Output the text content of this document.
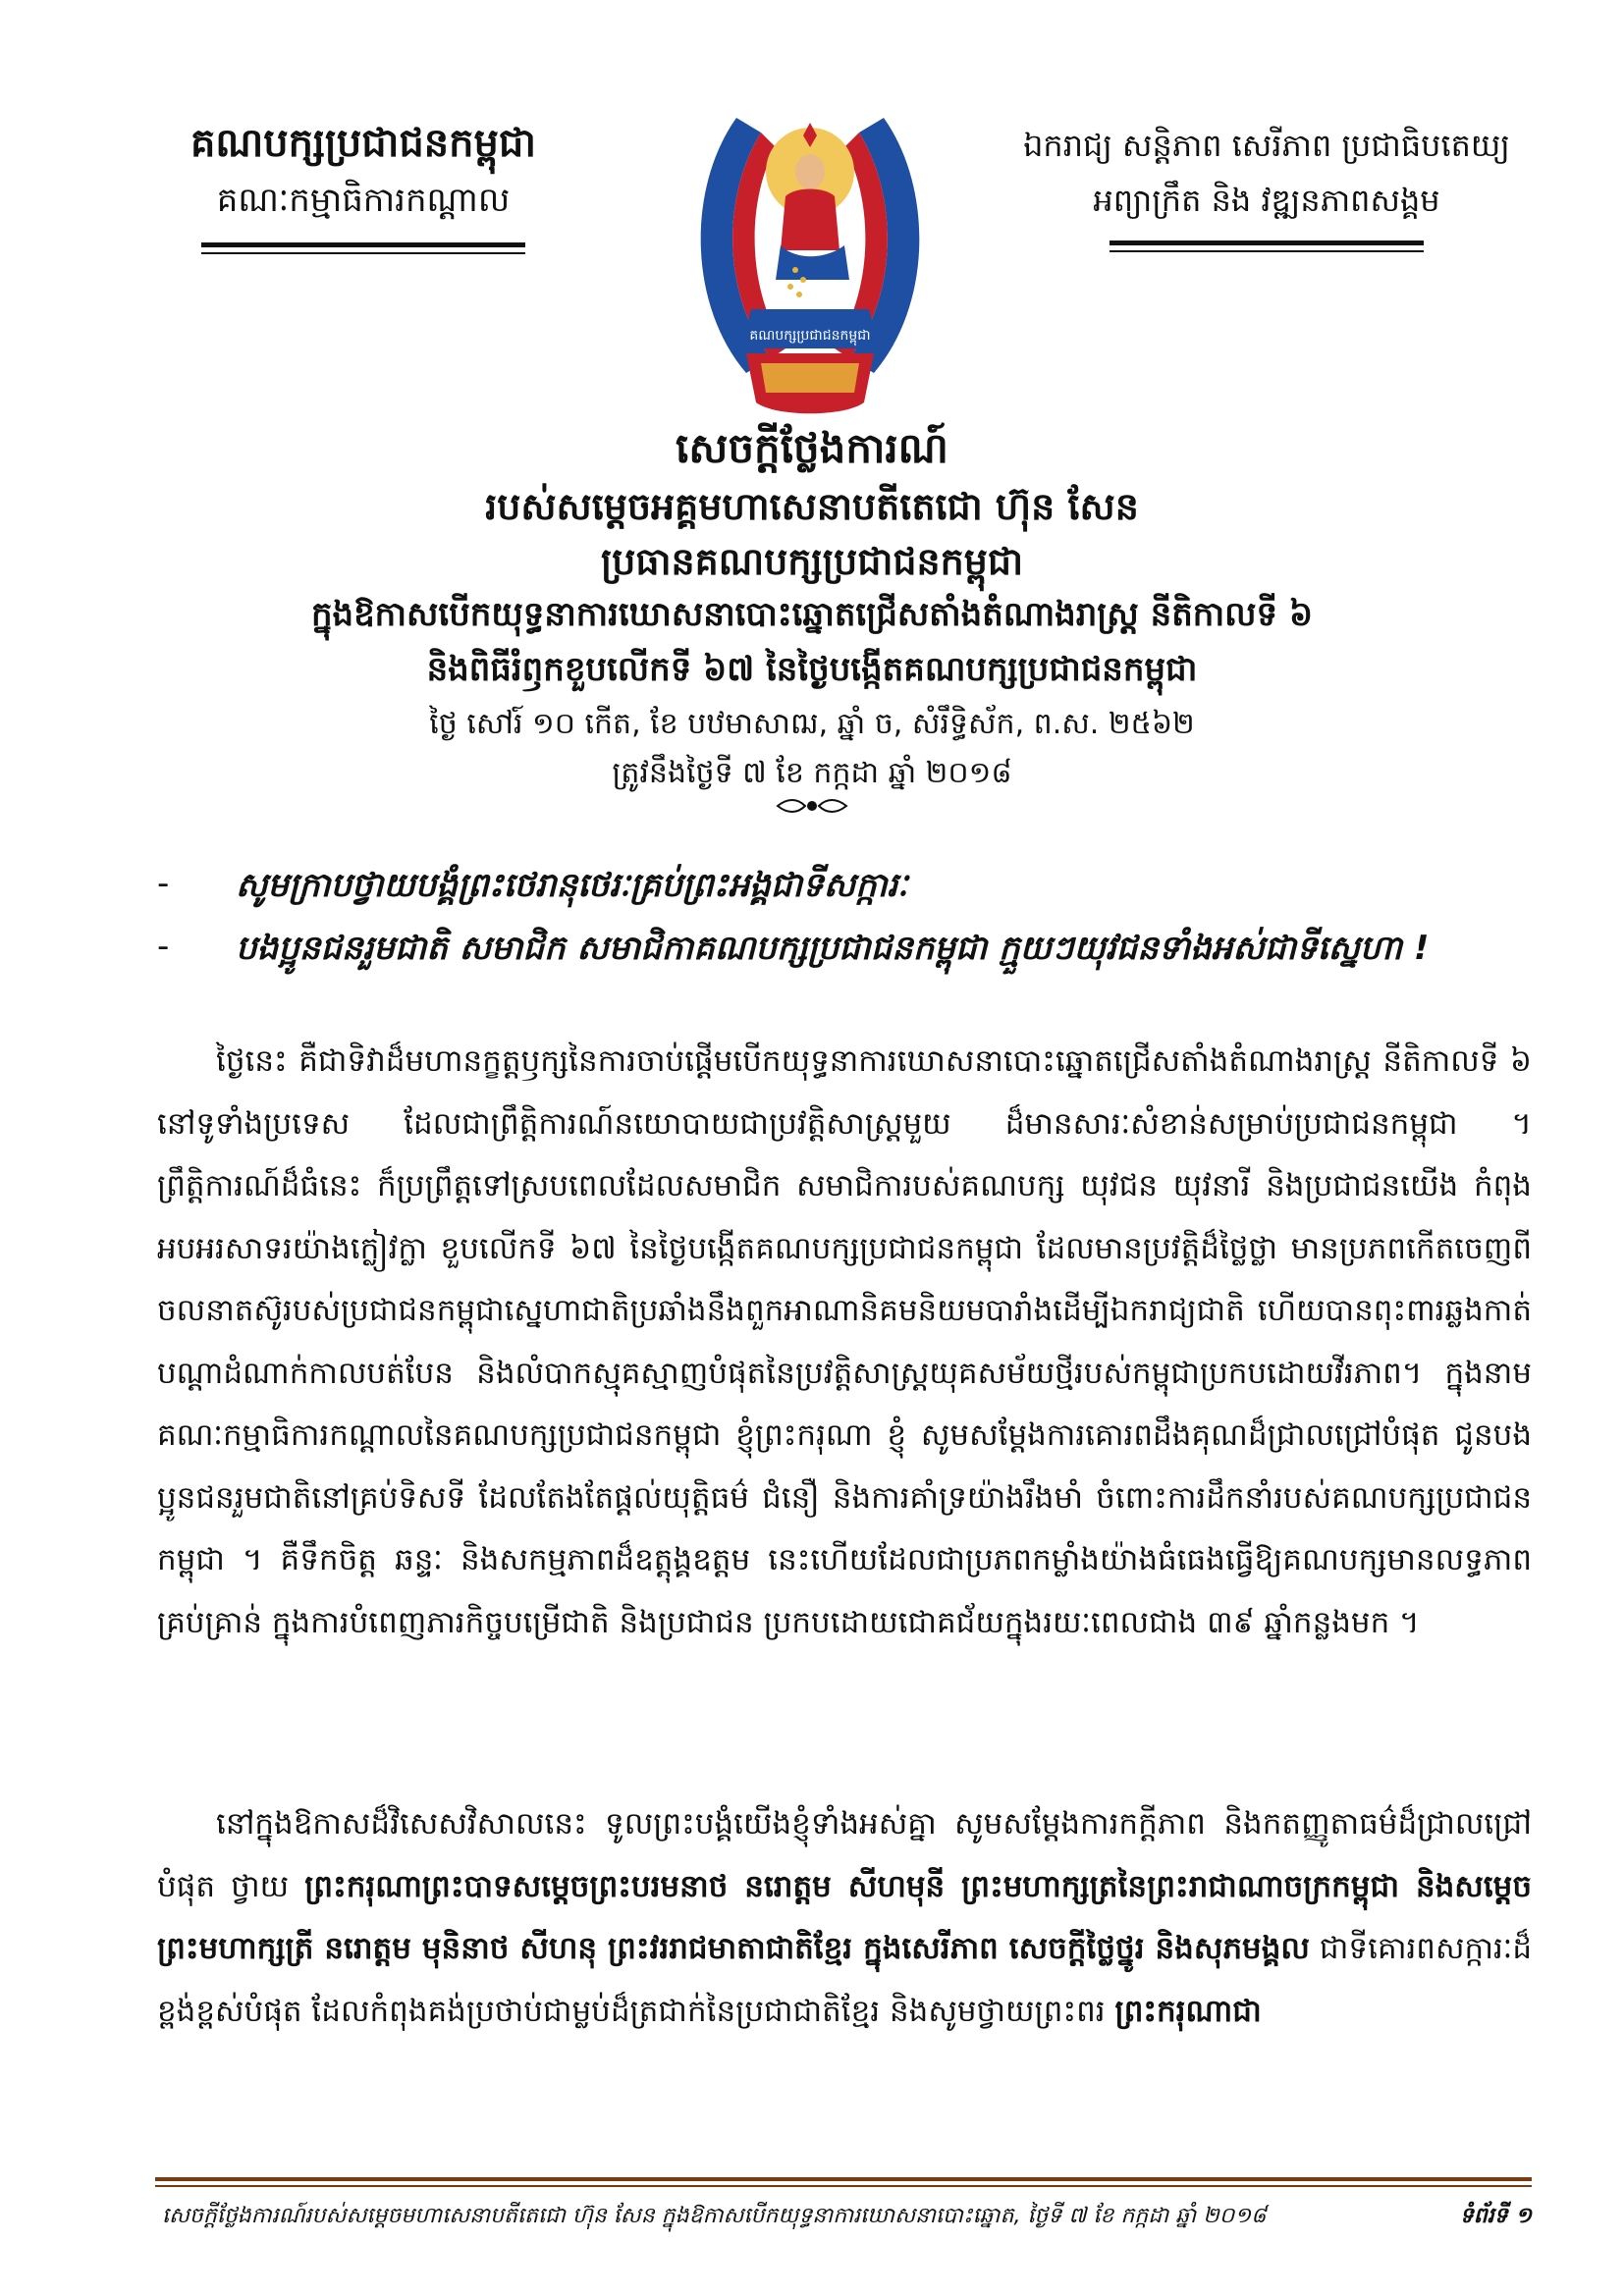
គណបក្សប្រជាជនកម្ពុជា
គណៈកម្មាធិការកណ្តាល
ឯករាជ្យ សន្តិភាព សេរីភាព ប្រជាធិបតេយ្យ
អព្យាក្រឹត និង វឌ្ឍនភាពសង្គម
គណបក្សប្រជាជនកម្ពុជា
សេចក្តីថ្លែងការណ៍
របស់សម្តេចអគ្គមហាសេនាបតីតេជោ ហ៊ុន សែន
ប្រធានគណបក្សប្រជាជនកម្ពុជា
ក្នុងឱកាសបើកយុទ្ធនាការឃោសនាបោះឆ្នោតជ្រើសតាំងតំណាងរាស្ត្រ នីតិកាលទី ៦
និងពិធីរំឭកខួបលើកទី ៦៧ នៃថ្ងៃបង្កើតគណបក្សប្រជាជនកម្ពុជា
ថ្ងៃ សៅរ៍ ១០ កើត, ខែ បឋមាសាឍ, ឆ្នាំ ច, សំរឹទ្ធិស័ក, ព.ស. ២៥៦២
ត្រូវនឹងថ្ងៃទី ៧ ខែ កក្កដា ឆ្នាំ ២០១៨
- សូមក្រាបថ្វាយបង្គំព្រះថេរានុថេរៈគ្រប់ព្រះអង្គជាទីសក្ការៈ
- បងប្អូនជនរួមជាតិ សមាជិក សមាជិកាគណបក្សប្រជាជនកម្ពុជា ក្មួយៗយុវជនទាំងអស់ជាទីស្នេហា !
ថ្ងៃនេះ គឺជាទិវាដ៏មហានក្ខត្តឫក្សនៃការចាប់ផ្តើមបើកយុទ្ធនាការឃោសនាបោះឆ្នោតជ្រើសតាំងតំណាងរាស្ត្រ នីតិកាលទី ៦ នៅទូទាំងប្រទេស ដែលជាព្រឹត្តិការណ៍នយោបាយជាប្រវត្តិសាស្ត្រមួយ ដ៏មានសារៈសំខាន់សម្រាប់ប្រជាជនកម្ពុជា ។ ព្រឹត្តិការណ៍ដ៏ធំនេះ ក៏ប្រព្រឹត្តទៅស្របពេលដែលសមាជិក សមាជិការបស់គណបក្ស យុវជន យុវនារី និងប្រជាជនយើង កំពុងអបអរសាទរយ៉ាងក្លៀវក្លា ខួបលើកទី ៦៧ នៃថ្ងៃបង្កើតគណបក្សប្រជាជនកម្ពុជា ដែលមានប្រវត្តិដ៏ថ្លៃថ្លា មានប្រភពកើតចេញពីចលនាតស៊ូរបស់ប្រជាជនកម្ពុជាស្នេហាជាតិប្រឆាំងនឹងពួកអាណានិគមនិយមបារាំងដើម្បីឯករាជ្យជាតិ ហើយបានពុះពារឆ្លងកាត់បណ្តាដំណាក់កាលបត់បែន និងលំបាកស្មុគស្មាញបំផុតនៃប្រវត្តិសាស្ត្រយុគសម័យថ្មីរបស់កម្ពុជាប្រកបដោយវីរភាព។ ក្នុងនាមគណៈកម្មាធិការកណ្តាលនៃគណបក្សប្រជាជនកម្ពុជា ខ្ញុំព្រះករុណា ខ្ញុំ សូមសម្តែងការគោរពដឹងគុណដ៏ជ្រាលជ្រៅបំផុត ជូនបងប្អូនជនរួមជាតិនៅគ្រប់ទិសទី ដែលតែងតែផ្តល់យុត្តិធម៌ ជំនឿ និងការគាំទ្រយ៉ាងរឹងមាំ ចំពោះការដឹកនាំរបស់គណបក្សប្រជាជនកម្ពុជា ។ គឺទឹកចិត្ត ឆន្ទៈ និងសកម្មភាពដ៏ឧត្តុង្គឧត្តម នេះហើយដែលជាប្រភពកម្លាំងយ៉ាងធំធេងធ្វើឱ្យគណបក្សមានលទ្ធភាពគ្រប់គ្រាន់ ក្នុងការបំពេញភារកិច្ចបម្រើជាតិ និងប្រជាជន ប្រកបដោយជោគជ័យក្នុងរយៈពេលជាង ៣៩ ឆ្នាំកន្លងមក ។
នៅក្នុងឱកាសដ៏វិសេសវិសាលនេះ ទូលព្រះបង្គំយើងខ្ញុំទាំងអស់គ្នា សូមសម្តែងការកក្តីភាព និងកតញ្ញូតាធម៌ដ៏ជ្រាលជ្រៅបំផុត ថ្វាយ ព្រះករុណាព្រះបាទសម្តេចព្រះបរមនាថ នរោត្តម សីហមុនី ព្រះមហាក្សត្រនៃព្រះរាជាណាចក្រកម្ពុជា និងសម្តេចព្រះមហាក្សត្រី នរោត្តម មុនិនាថ សីហនុ ព្រះវររាជមាតាជាតិខ្មែរ ក្នុងសេរីភាព សេចក្តីថ្លៃថ្នូរ និងសុភមង្គល ជាទីគោរពសក្ការៈដ៏ខ្ពង់ខ្ពស់បំផុត ដែលកំពុងគង់ប្រថាប់ជាម្លប់ដ៏ត្រជាក់នៃប្រជាជាតិខ្មែរ និងសូមថ្វាយព្រះពរ ព្រះករុណាជា
សេចក្តីថ្លែងការណ៍របស់សម្តេចមហាសេនាបតីតេជោ ហ៊ុន សែន ក្នុងឱកាសបើកយុទ្ធនាការឃោសនាបោះឆ្នោត, ថ្ងៃទី ៧ ខែ កក្កដា ឆ្នាំ ២០១៨	ទំព័រទី ១
